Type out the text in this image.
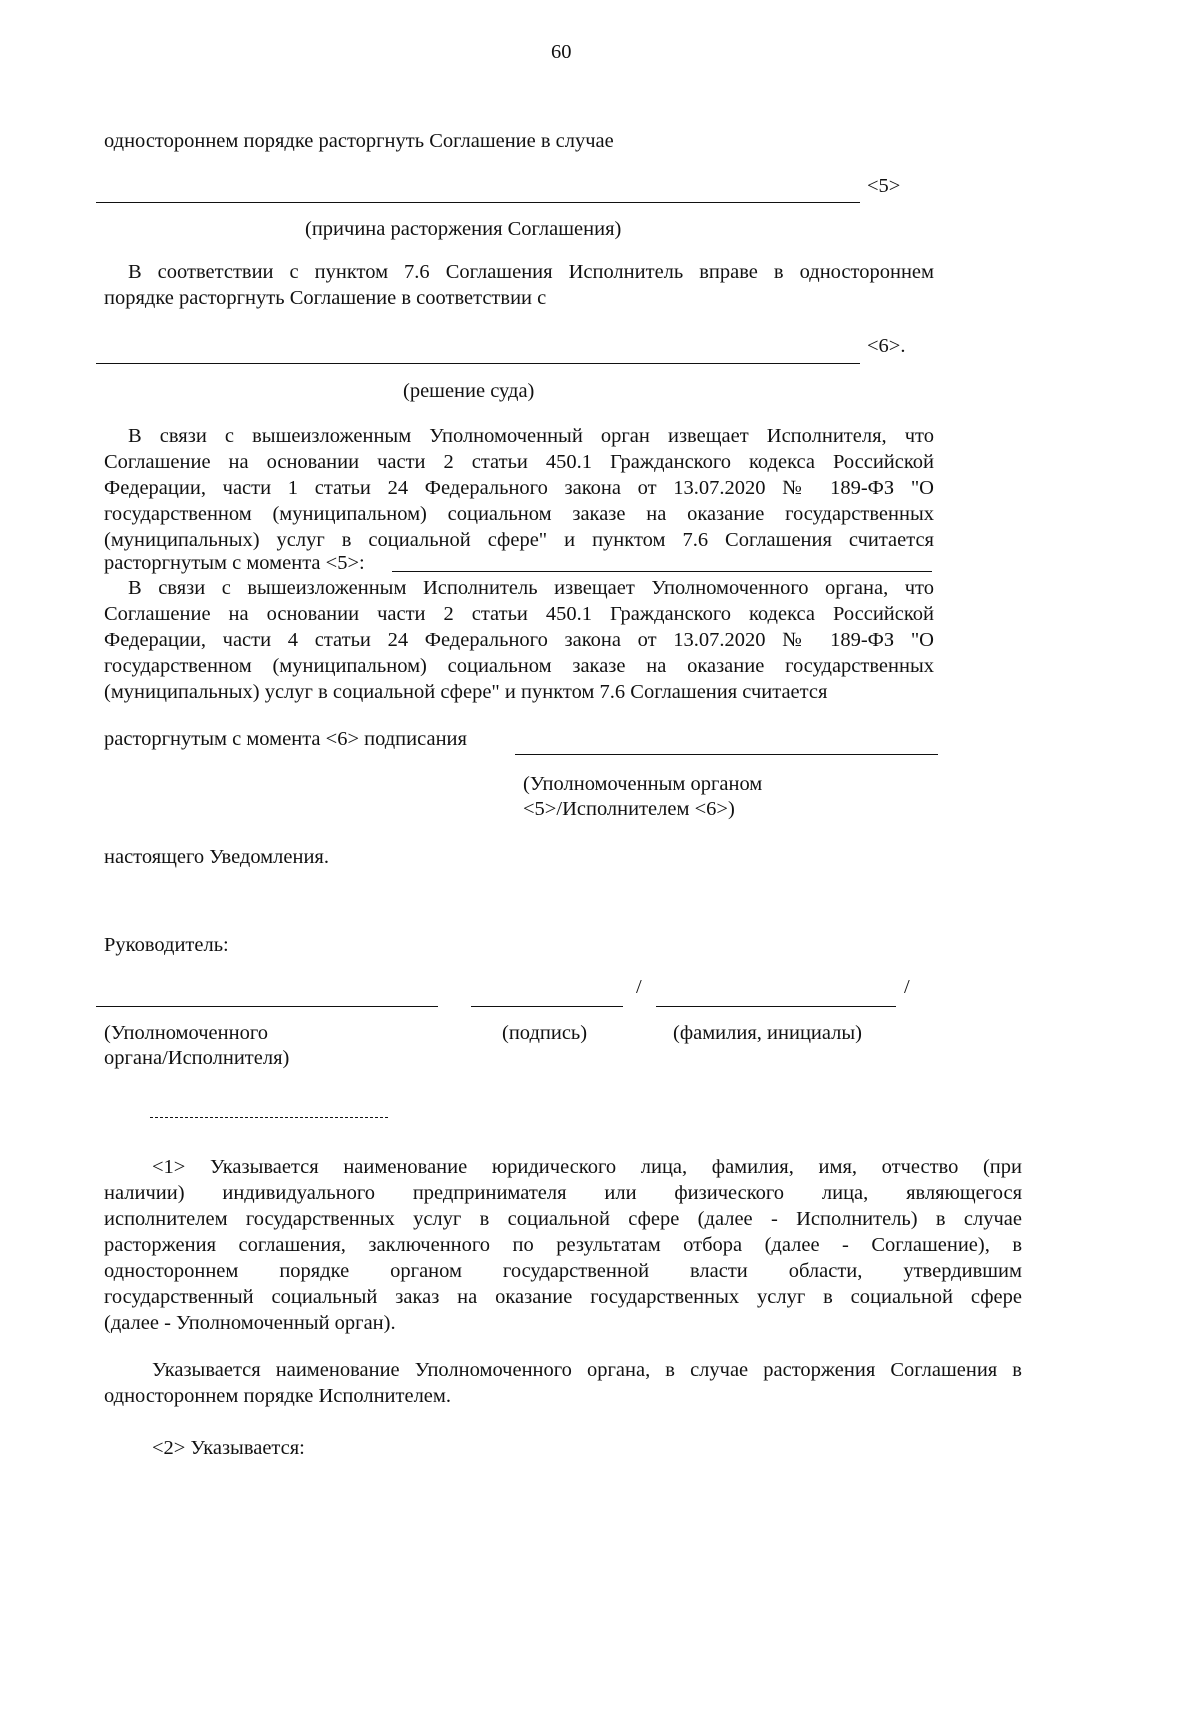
60
одностороннем порядке расторгнуть Соглашение в случае
<5>
(причина расторжения Соглашения)
В соответствии с пунктом 7.6 Соглашения Исполнитель вправе в одностороннем
порядке расторгнуть Соглашение в соответствии с
<6>.
(решение суда)
В связи с вышеизложенным Уполномоченный орган извещает Исполнителя, что
Соглашение на основании части 2 статьи 450.1 Гражданского кодекса Российской
Федерации, части 1 статьи 24 Федерального закона от 13.07.2020 № 189-ФЗ "О
государственном (муниципальном) социальном заказе на оказание государственных
(муниципальных) услуг в социальной сфере" и пунктом 7.6 Соглашения считается
расторгнутым с момента <5>:
В связи с вышеизложенным Исполнитель извещает Уполномоченного органа, что
Соглашение на основании части 2 статьи 450.1 Гражданского кодекса Российской
Федерации, части 4 статьи 24 Федерального закона от 13.07.2020 № 189-ФЗ "О
государственном (муниципальном) социальном заказе на оказание государственных
(муниципальных) услуг в социальной сфере" и пунктом 7.6 Соглашения считается
расторгнутым с момента <6> подписания
(Уполномоченным органом
<5>/Исполнителем <6>)
настоящего Уведомления.
Руководитель:
/	/
(Уполномоченного
органа/Исполнителя)
(подпись)	(фамилия, инициалы)
<1> Указывается наименование юридического лица, фамилия, имя, отчество (при
наличии) индивидуального предпринимателя или физического лица, являющегося
исполнителем государственных услуг в социальной сфере (далее - Исполнитель) в случае
расторжения соглашения, заключенного по результатам отбора (далее - Соглашение), в
одностороннем порядке органом государственной власти области, утвердившим
государственный социальный заказ на оказание государственных услуг в социальной сфере
(далее - Уполномоченный орган).
Указывается наименование Уполномоченного органа, в случае расторжения Соглашения в
одностороннем порядке Исполнителем.
<2> Указывается:
